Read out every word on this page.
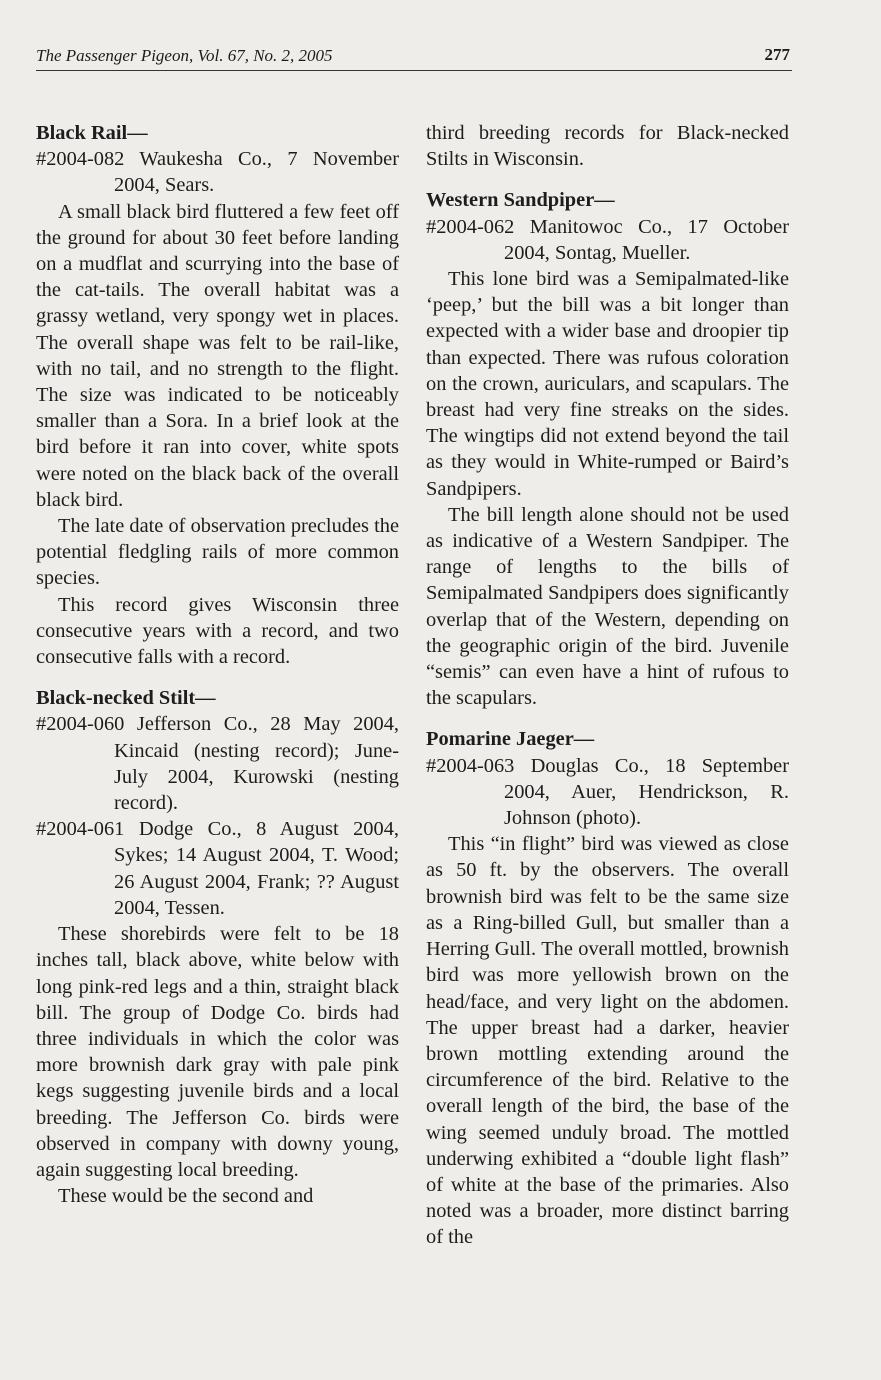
The Passenger Pigeon, Vol. 67, No. 2, 2005	277

Black Rail—

#2004-082 Waukesha Co., 7 November 2004, Sears.

A small black bird fluttered a few feet off the ground for about 30 feet before landing on a mudflat and scurrying into the base of the cat-tails. The overall habitat was a grassy wetland, very spongy wet in places. The overall shape was felt to be rail-like, with no tail, and no strength to the flight. The size was indicated to be noticeably smaller than a Sora. In a brief look at the bird before it ran into cover, white spots were noted on the black back of the overall black bird.

The late date of observation precludes the potential fledgling rails of more common species.

This record gives Wisconsin three consecutive years with a record, and two consecutive falls with a record.

Black-necked Stilt—

#2004-060 Jefferson Co., 28 May 2004, Kincaid (nesting record); June-July 2004, Kurowski (nesting record).

#2004-061 Dodge Co., 8 August 2004, Sykes; 14 August 2004, T. Wood; 26 August 2004, Frank; ?? August 2004, Tessen.

These shorebirds were felt to be 18 inches tall, black above, white below with long pink-red legs and a thin, straight black bill. The group of Dodge Co. birds had three individuals in which the color was more brownish dark gray with pale pink kegs suggesting juvenile birds and a local breeding. The Jefferson Co. birds were observed in company with downy young, again suggesting local breeding.

These would be the second and

third breeding records for Black-necked Stilts in Wisconsin.

Western Sandpiper—

#2004-062 Manitowoc Co., 17 October 2004, Sontag, Mueller.

This lone bird was a Semipalmated-like ‘peep,’ but the bill was a bit longer than expected with a wider base and droopier tip than expected. There was rufous coloration on the crown, auriculars, and scapulars. The breast had very fine streaks on the sides. The wingtips did not extend beyond the tail as they would in White-rumped or Baird’s Sandpipers.

The bill length alone should not be used as indicative of a Western Sandpiper. The range of lengths to the bills of Semipalmated Sandpipers does significantly overlap that of the Western, depending on the geographic origin of the bird. Juvenile “semis” can even have a hint of rufous to the scapulars.

Pomarine Jaeger—

#2004-063 Douglas Co., 18 September 2004, Auer, Hendrickson, R. Johnson (photo).

This “in flight” bird was viewed as close as 50 ft. by the observers. The overall brownish bird was felt to be the same size as a Ring-billed Gull, but smaller than a Herring Gull. The overall mottled, brownish bird was more yellowish brown on the head/face, and very light on the abdomen. The upper breast had a darker, heavier brown mottling extending around the circumference of the bird. Relative to the overall length of the bird, the base of the wing seemed unduly broad. The mottled underwing exhibited a “double light flash” of white at the base of the primaries. Also noted was a broader, more distinct barring of the
